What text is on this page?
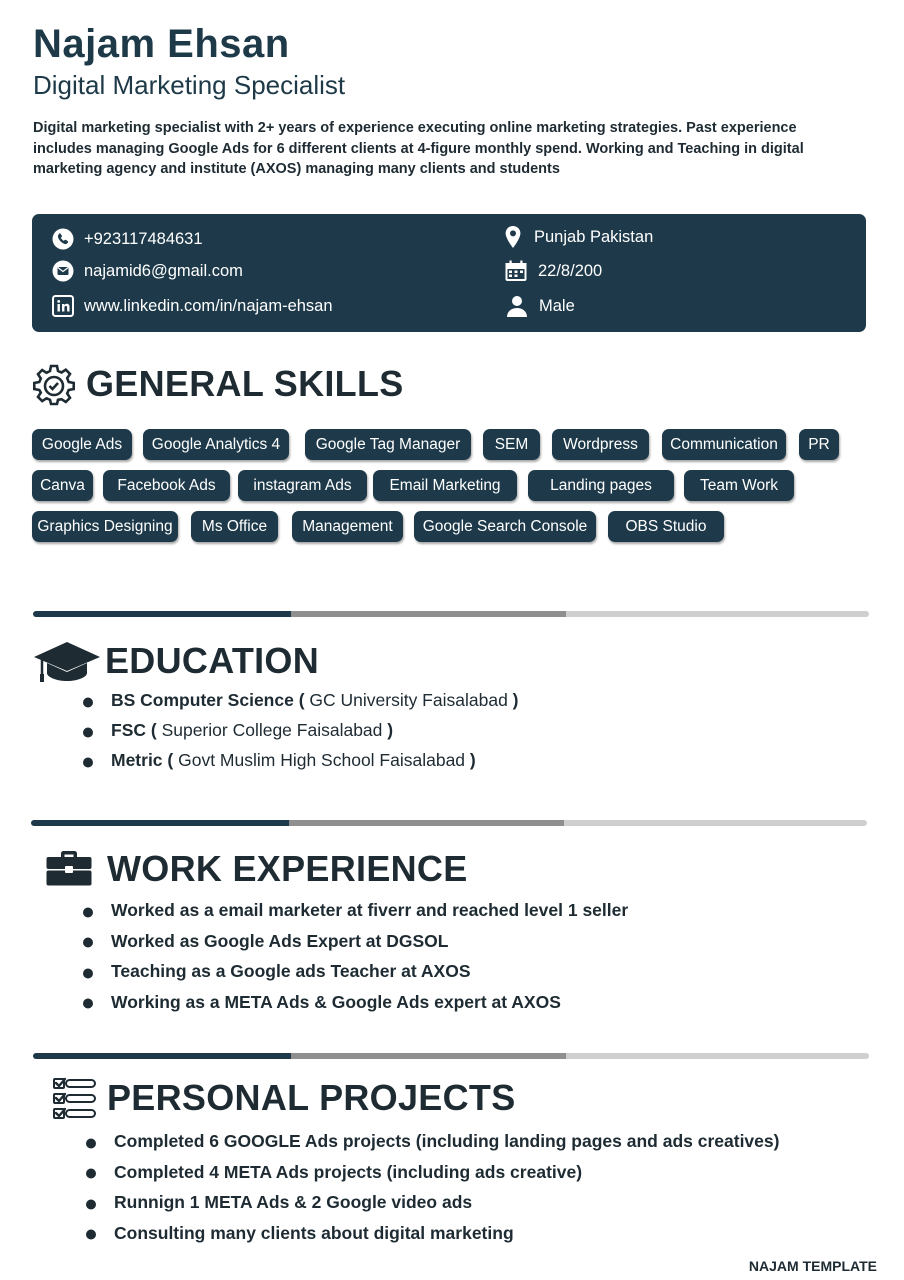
Najam Ehsan
Digital Marketing Specialist
Digital marketing specialist with 2+ years of experience executing online marketing strategies. Past experience includes managing Google Ads for 6 different clients at 4-figure monthly spend. Working and Teaching in digital marketing agency and institute (AXOS) managing many clients and students
+923117484631
najamid6@gmail.com
www.linkedin.com/in/najam-ehsan
Punjab Pakistan
22/8/200
Male
GENERAL SKILLS
Google Ads	Google Analytics 4	Google Tag Manager	SEM	Wordpress	Communication	PR
Canva	Facebook Ads	instagram Ads	Email Marketing	Landing pages	Team Work
Graphics Designing	Ms Office	Management	Google Search Console	OBS Studio
EDUCATION
BS Computer Science ( GC University Faisalabad )
FSC ( Superior College Faisalabad )
Metric ( Govt Muslim High School Faisalabad )
WORK EXPERIENCE
Worked as a email marketer at fiverr and reached level 1 seller
Worked as Google Ads Expert at DGSOL
Teaching as a Google ads Teacher at AXOS
Working as a META Ads & Google Ads expert at AXOS
PERSONAL PROJECTS
Completed 6 GOOGLE Ads projects (including landing pages and ads creatives)
Completed 4 META Ads projects (including ads creative)
Runnign 1 META Ads & 2 Google video ads
Consulting many clients about digital marketing
NAJAM TEMPLATE
